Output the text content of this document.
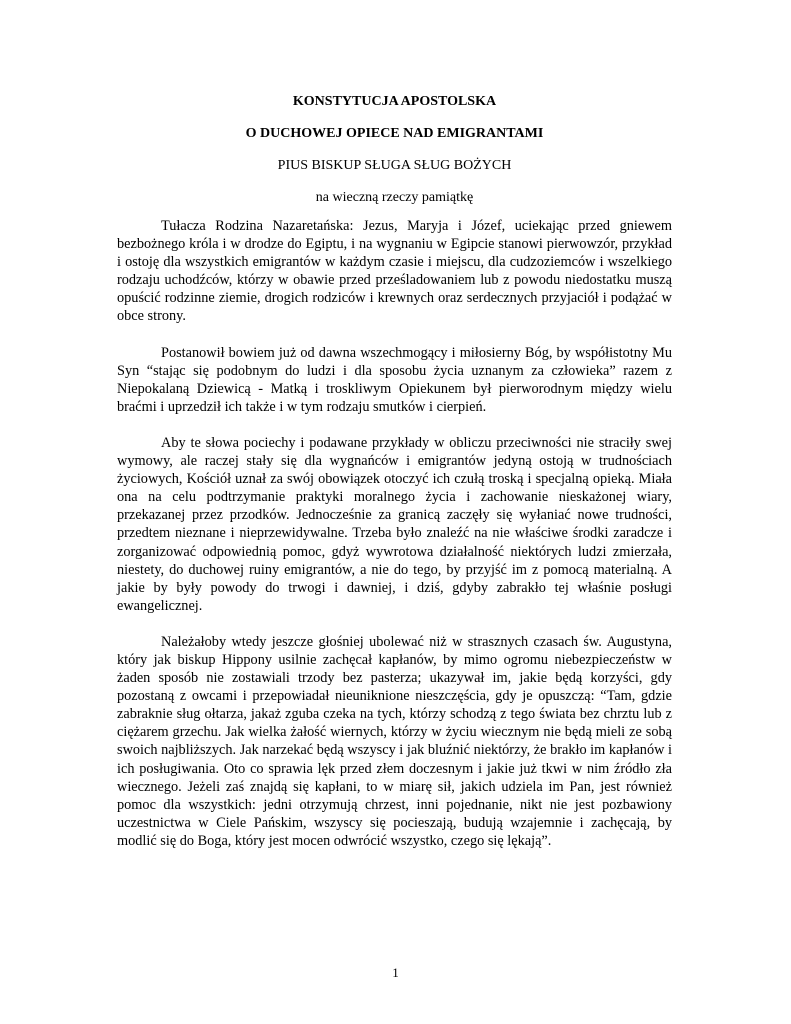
KONSTYTUCJA APOSTOLSKA

O DUCHOWEJ OPIECE NAD EMIGRANTAMI

PIUS BISKUP SŁUGA SŁUG BOŻYCH

na wieczną rzeczy pamiątkę

Tułacza Rodzina Nazaretańska: Jezus, Maryja i Józef, uciekając przed gniewem bezbożnego króla i w drodze do Egiptu, i na wygnaniu w Egipcie stanowi pierwowzór, przykład i ostoję dla wszystkich emigrantów w każdym czasie i miejscu, dla cudzoziemców i wszelkiego rodzaju uchodźców, którzy w obawie przed prześladowaniem lub z powodu niedostatku muszą opuścić rodzinne ziemie, drogich rodziców i krewnych oraz serdecznych przyjaciół i podążać w obce strony.

Postanowił bowiem już od dawna wszechmogący i miłosierny Bóg, by współistotny Mu Syn “stając się podobnym do ludzi i dla sposobu życia uznanym za człowieka” razem z Niepokalaną Dziewicą - Matką i troskliwym Opiekunem był pierworodnym między wielu braćmi i uprzedził ich także i w tym rodzaju smutków i cierpień.

Aby te słowa pociechy i podawane przykłady w obliczu przeciwności nie straciły swej wymowy, ale raczej stały się dla wygnańców i emigrantów jedyną ostoją w trudnościach życiowych, Kościół uznał za swój obowiązek otoczyć ich czułą troską i specjalną opieką. Miała ona na celu podtrzymanie praktyki moralnego życia i zachowanie nieskażonej wiary, przekazanej przez przodków. Jednocześnie za granicą zaczęły się wyłaniać nowe trudności, przedtem nieznane i nieprzewidywalne. Trzeba było znaleźć na nie właściwe środki zaradcze i zorganizować odpowiednią pomoc, gdyż wywrotowa działalność niektórych ludzi zmierzała, niestety, do duchowej ruiny emigrantów, a nie do tego, by przyjść im z pomocą materialną. A jakie by były powody do trwogi i dawniej, i dziś, gdyby zabrakło tej właśnie posługi ewangelicznej.

Należałoby wtedy jeszcze głośniej ubolewać niż w strasznych czasach św. Augustyna, który jak biskup Hippony usilnie zachęcał kapłanów, by mimo ogromu niebezpieczeństw w żaden sposób nie zostawiali trzody bez pasterza; ukazywał im, jakie będą korzyści, gdy pozostaną z owcami i przepowiadał nieuniknione nieszczęścia, gdy je opuszczą: “Tam, gdzie zabraknie sług ołtarza, jakaż zguba czeka na tych, którzy schodzą z tego świata bez chrztu lub z ciężarem grzechu. Jak wielka żałość wiernych, którzy w życiu wiecznym nie będą mieli ze sobą swoich najbliższych. Jak narzekać będą wszyscy i jak bluźnić niektórzy, że brakło im kapłanów i ich posługiwania. Oto co sprawia lęk przed złem doczesnym i jakie już tkwi w nim źródło zła wiecznego. Jeżeli zaś znajdą się kapłani, to w miarę sił, jakich udziela im Pan, jest również pomoc dla wszystkich: jedni otrzymują chrzest, inni pojednanie, nikt nie jest pozbawiony uczestnictwa w Ciele Pańskim, wszyscy się pocieszają, budują wzajemnie i zachęcają, by modlić się do Boga, który jest mocen odwrócić wszystko, czego się lękają”.

1
